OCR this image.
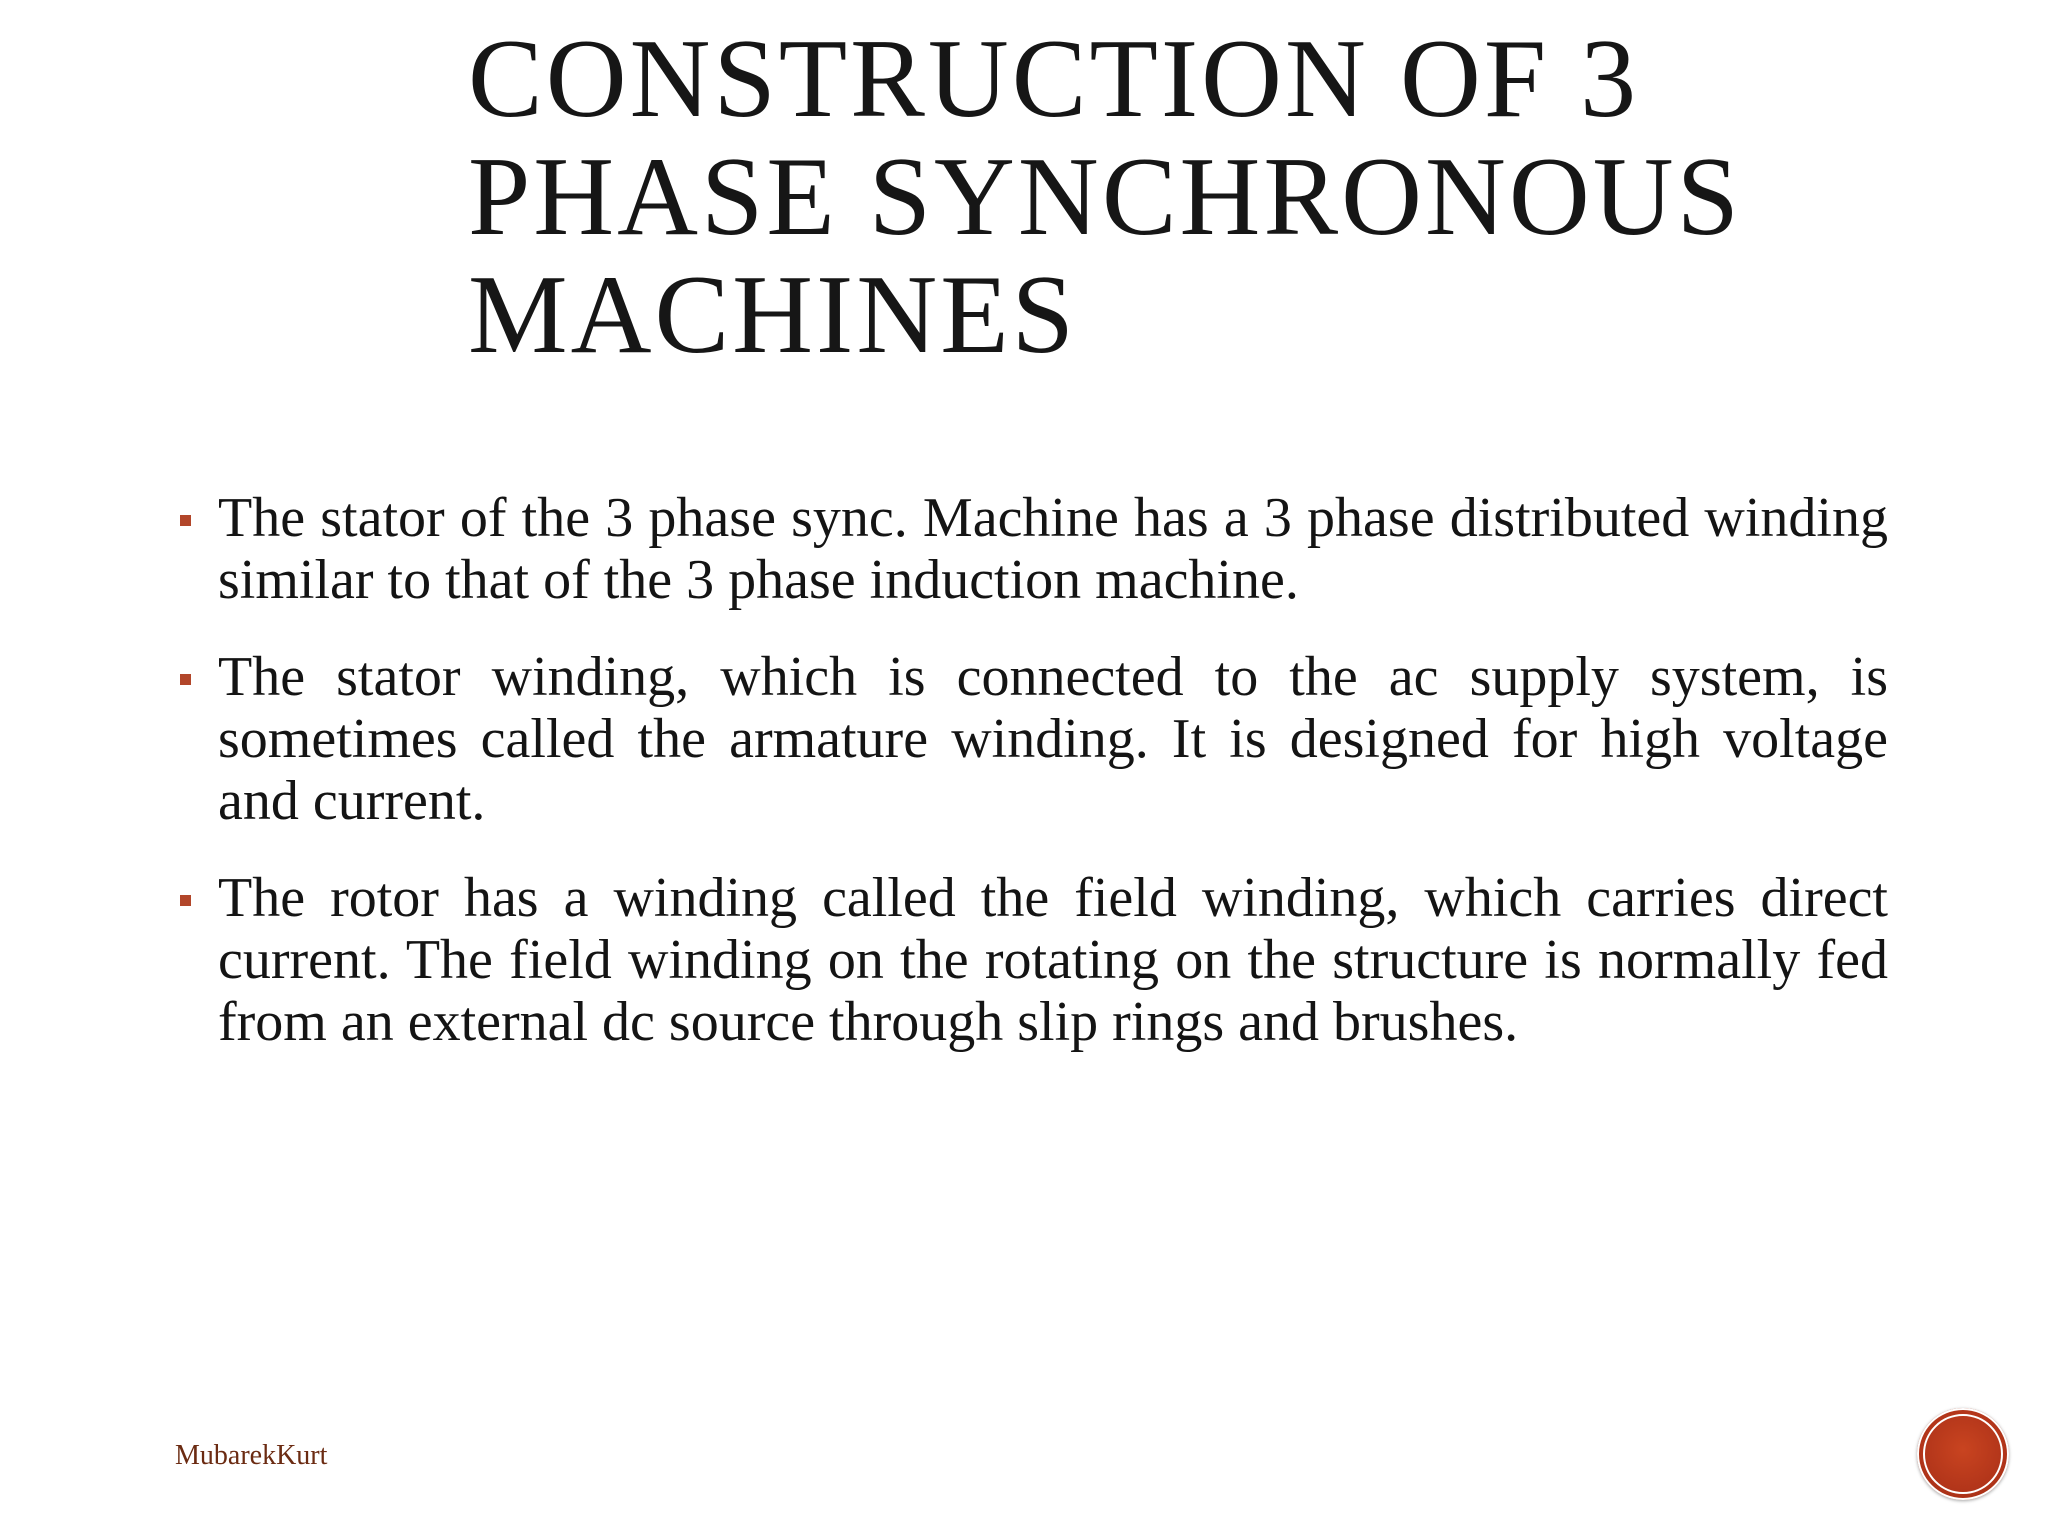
CONSTRUCTION OF 3
PHASE SYNCHRONOUS
MACHINES
The stator of the 3 phase sync. Machine has a 3 phase distributed winding similar to that of the 3 phase induction machine.
The stator winding, which is connected to the ac supply system, is sometimes called the armature winding. It is designed for high voltage and current.
The rotor has a winding called the field winding, which carries direct current. The field winding on the rotating on the structure is normally fed from an external dc source through slip rings and brushes.
MubarekKurt
